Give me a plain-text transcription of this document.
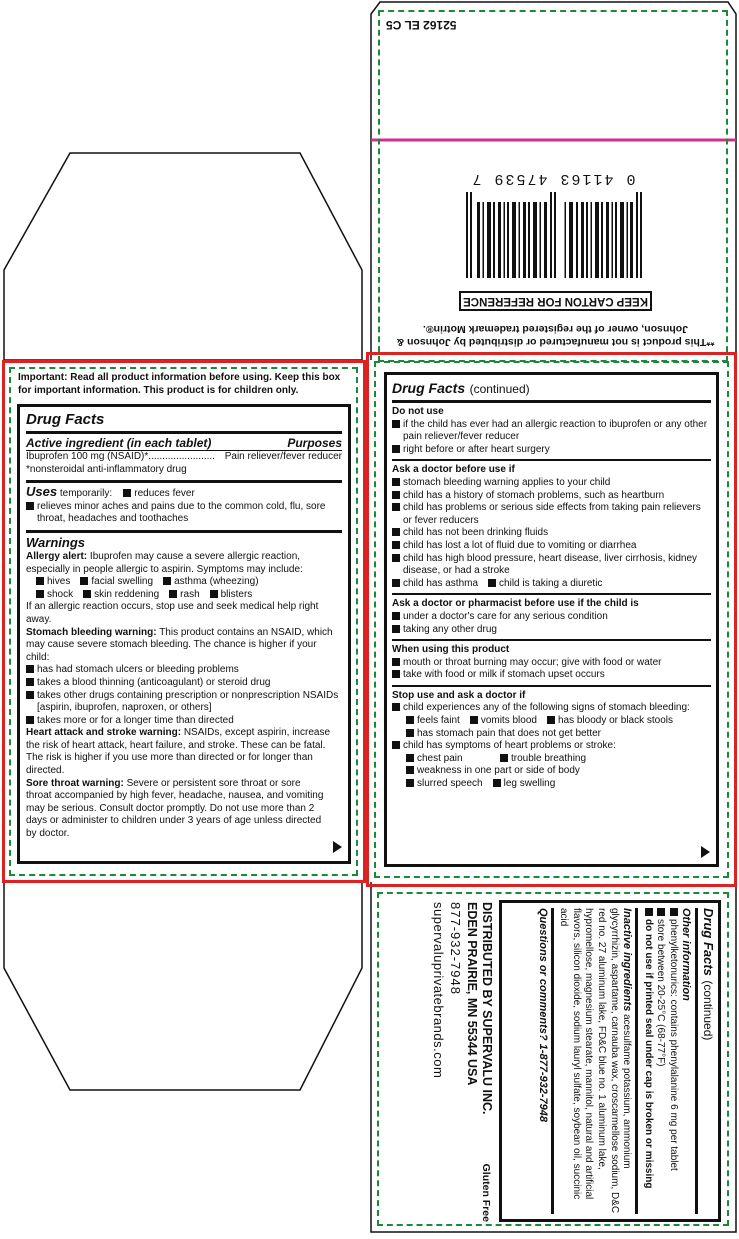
**This product is not manufactured or distributed by Johnson & Johnson, owner of the registered trademark Motrin®.
KEEP CARTON FOR REFERENCE
0 41163 47539 7
52162 EL C5
Important: Read all product information before using. Keep this box for important information. This product is for children only.
Drug Facts
Active ingredient (in each tablet)	Purposes
Ibuprofen 100 mg (NSAID)* ........................ Pain reliever/fever reducer
*nonsteroidal anti-inflammatory drug
Uses temporarily: reduces fever
relieves minor aches and pains due to the common cold, flu, sore throat, headaches and toothaches
Warnings
Allergy alert: Ibuprofen may cause a severe allergic reaction, especially in people allergic to aspirin. Symptoms may include:
hives	facial swelling	asthma (wheezing)
shock	skin reddening	rash	blisters
If an allergic reaction occurs, stop use and seek medical help right away.
Stomach bleeding warning: This product contains an NSAID, which may cause severe stomach bleeding. The chance is higher if your child:
has had stomach ulcers or bleeding problems
takes a blood thinning (anticoagulant) or steroid drug
takes other drugs containing prescription or nonprescription NSAIDs [aspirin, ibuprofen, naproxen, or others]
takes more or for a longer time than directed
Heart attack and stroke warning: NSAIDs, except aspirin, increase the risk of heart attack, heart failure, and stroke. These can be fatal. The risk is higher if you use more than directed or for longer than directed.
Sore throat warning: Severe or persistent sore throat or sore throat accompanied by high fever, headache, nausea, and vomiting may be serious. Consult doctor promptly. Do not use more than 2 days or administer to children under 3 years of age unless directed by doctor.
Drug Facts (continued)
Do not use
if the child has ever had an allergic reaction to ibuprofen or any other pain reliever/fever reducer
right before or after heart surgery
Ask a doctor before use if
stomach bleeding warning applies to your child
child has a history of stomach problems, such as heartburn
child has problems or serious side effects from taking pain relievers or fever reducers
child has not been drinking fluids
child has lost a lot of fluid due to vomiting or diarrhea
child has high blood pressure, heart disease, liver cirrhosis, kidney disease, or had a stroke
child has asthma	child is taking a diuretic
Ask a doctor or pharmacist before use if the child is
under a doctor's care for any serious condition
taking any other drug
When using this product
mouth or throat burning may occur; give with food or water
take with food or milk if stomach upset occurs
Stop use and ask a doctor if
child experiences any of the following signs of stomach bleeding:
feels faint	vomits blood	has bloody or black stools
has stomach pain that does not get better
child has symptoms of heart problems or stroke:
chest pain	trouble breathing
weakness in one part or side of body
slurred speech	leg swelling
Drug Facts (continued)
Other information
phenylketonurics: contains phenylalanine 6 mg per tablet
store between 20-25°C (68-77°F)
do not use if printed seal under cap is broken or missing
Inactive ingredients acesulfame potassium, ammonium glycyrrhizin, aspartame, carnauba wax, croscarmellose sodium, D&C red no. 27 aluminum lake, FD&C blue no. 1 aluminum lake, hypromellose, magnesium stearate, mannitol, natural and artificial flavors, silicon dioxide, sodium lauryl sulfate, soybean oil, succinic acid
Questions or comments? 1-877-932-7948
Gluten Free
DISTRIBUTED BY SUPERVALU INC.
EDEN PRAIRIE, MN 55344 USA
877-932-7948
supervaluprivatebrands.com
